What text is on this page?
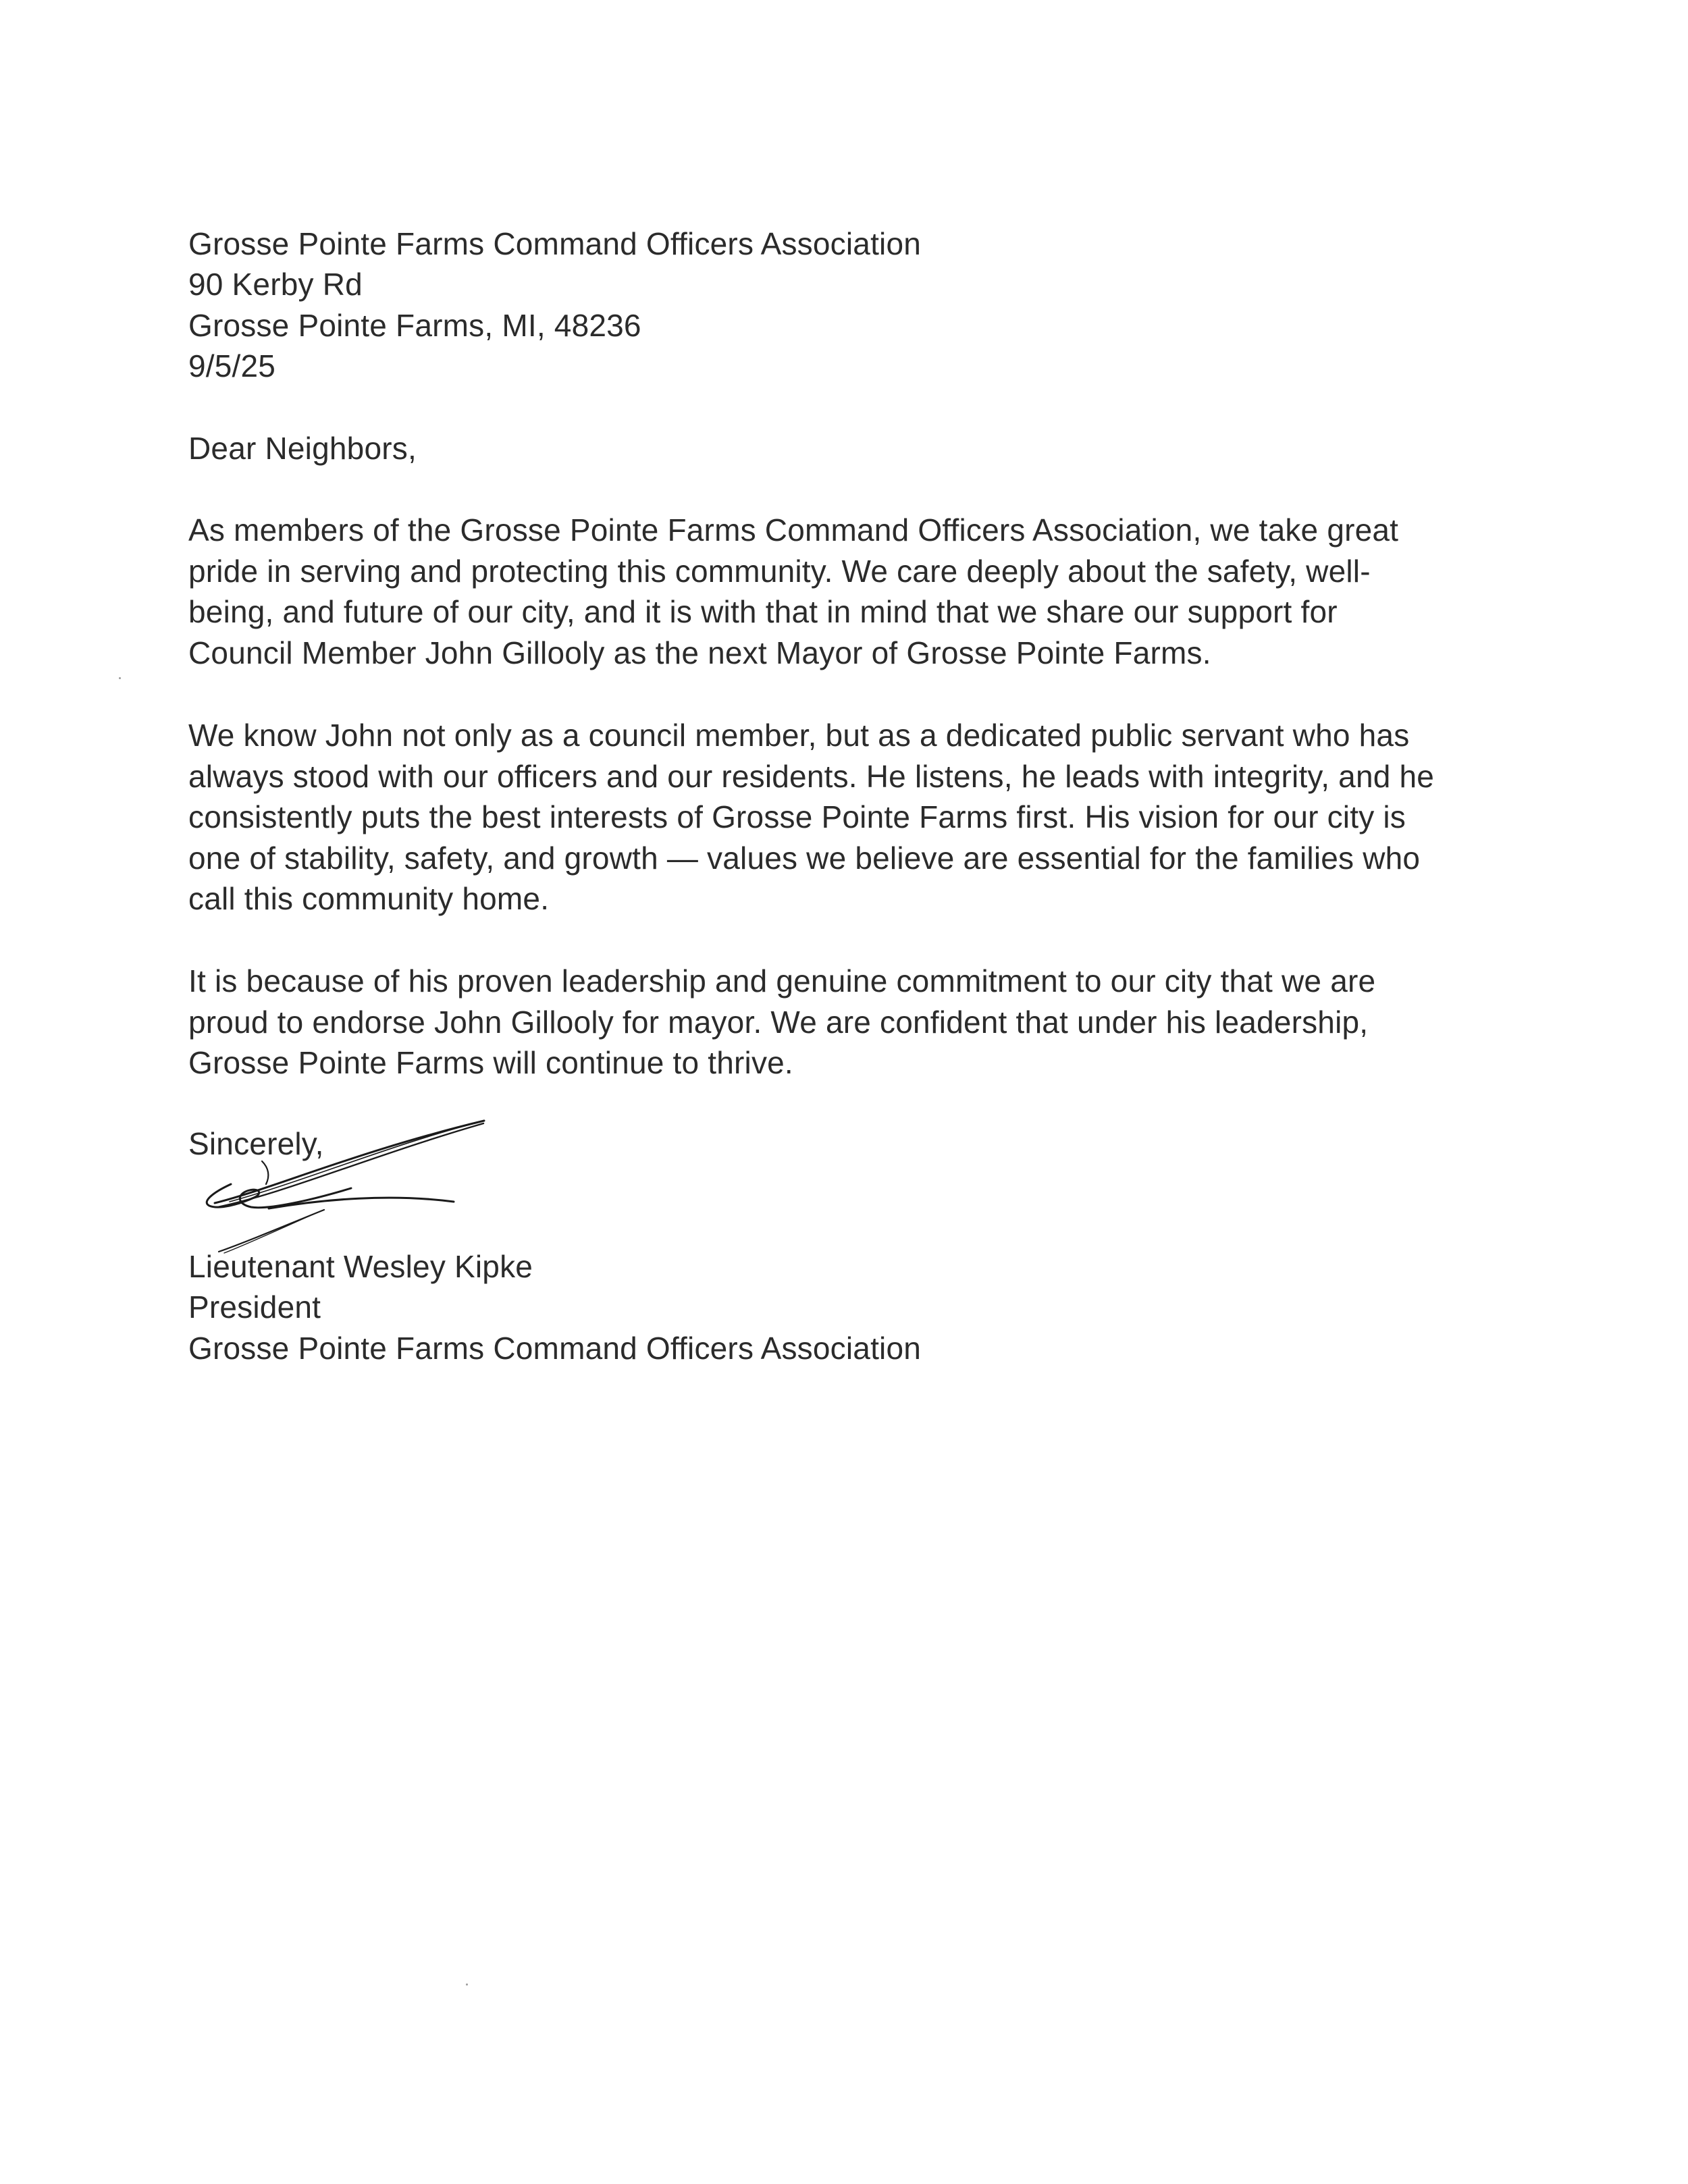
Grosse Pointe Farms Command Officers Association
90 Kerby Rd
Grosse Pointe Farms, MI, 48236
9/5/25
Dear Neighbors,
As members of the Grosse Pointe Farms Command Officers Association, we take great
pride in serving and protecting this community. We care deeply about the safety, well-
being, and future of our city, and it is with that in mind that we share our support for
Council Member John Gillooly as the next Mayor of Grosse Pointe Farms.
We know John not only as a council member, but as a dedicated public servant who has
always stood with our officers and our residents. He listens, he leads with integrity, and he
consistently puts the best interests of Grosse Pointe Farms first. His vision for our city is
one of stability, safety, and growth — values we believe are essential for the families who
call this community home.
It is because of his proven leadership and genuine commitment to our city that we are
proud to endorse John Gillooly for mayor. We are confident that under his leadership,
Grosse Pointe Farms will continue to thrive.
Sincerely,
Lieutenant Wesley Kipke
President
Grosse Pointe Farms Command Officers Association
